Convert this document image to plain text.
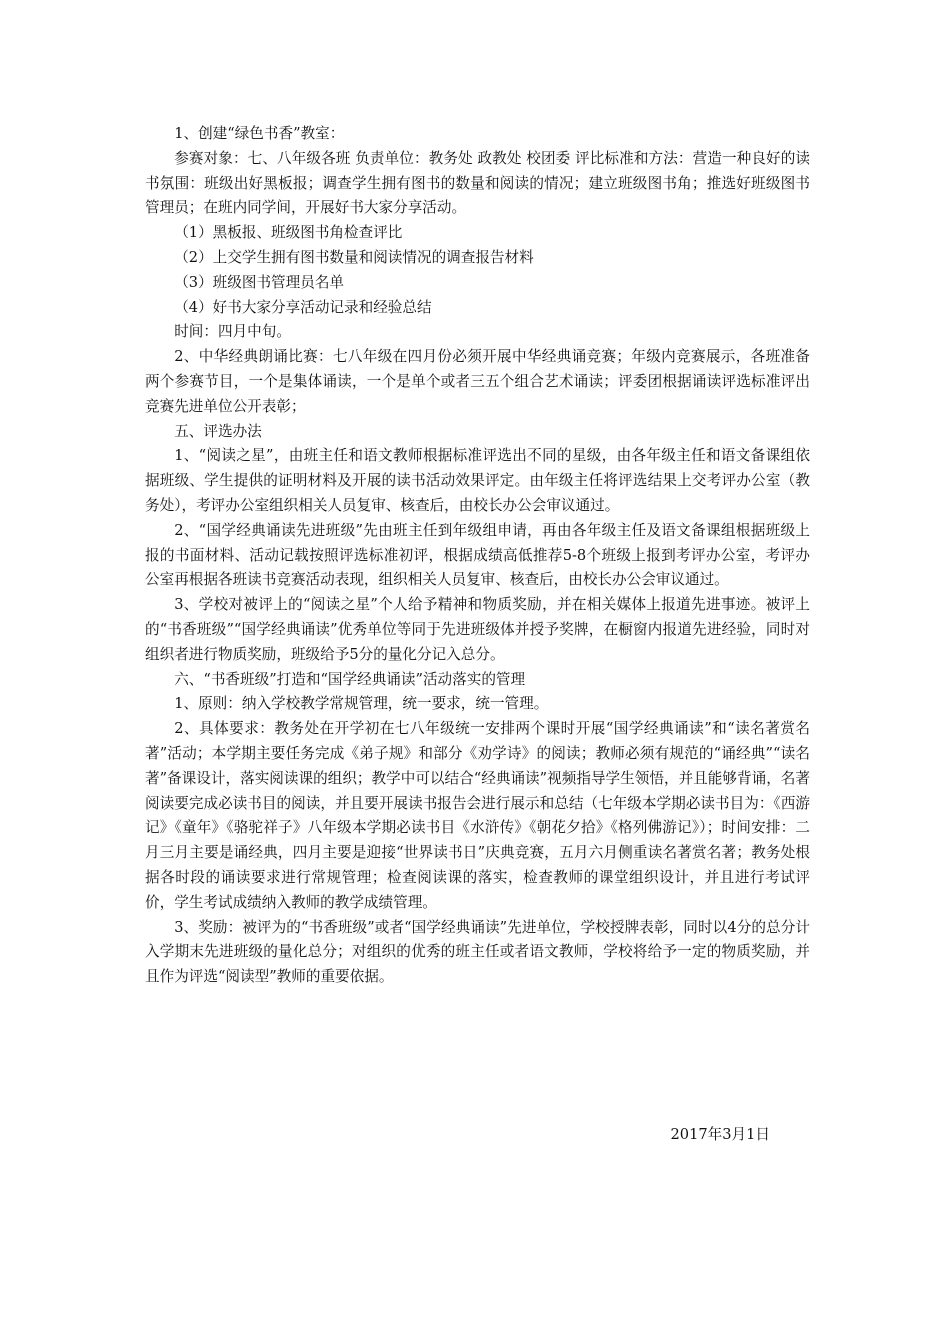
1、创建“绿色书香”教室：

参赛对象：七、八年级各班 负责单位：教务处 政教处 校团委 评比标准和方法：营造一种良好的读书氛围：班级出好黑板报；调查学生拥有图书的数量和阅读的情况；建立班级图书角；推选好班级图书管理员；在班内同学间，开展好书大家分享活动。

（1）黑板报、班级图书角检查评比

（2）上交学生拥有图书数量和阅读情况的调查报告材料

（3）班级图书管理员名单

（4）好书大家分享活动记录和经验总结

时间：四月中旬。

2、中华经典朗诵比赛：七八年级在四月份必须开展中华经典诵竞赛；年级内竞赛展示，各班准备两个参赛节目，一个是集体诵读，一个是单个或者三五个组合艺术诵读；评委团根据诵读评选标准评出竞赛先进单位公开表彰；

五、评选办法

1、“阅读之星”，由班主任和语文教师根据标准评选出不同的星级，由各年级主任和语文备课组依据班级、学生提供的证明材料及开展的读书活动效果评定。由年级主任将评选结果上交考评办公室（教务处），考评办公室组织相关人员复审、核查后，由校长办公会审议通过。

2、“国学经典诵读先进班级”先由班主任到年级组申请，再由各年级主任及语文备课组根据班级上报的书面材料、活动记载按照评选标准初评，根据成绩高低推荐5-8个班级上报到考评办公室，考评办公室再根据各班读书竞赛活动表现，组织相关人员复审、核查后，由校长办公会审议通过。

3、学校对被评上的“阅读之星”个人给予精神和物质奖励，并在相关媒体上报道先进事迹。被评上的“书香班级”“国学经典诵读”优秀单位等同于先进班级体并授予奖牌，在橱窗内报道先进经验，同时对组织者进行物质奖励，班级给予5分的量化分记入总分。

六、“书香班级”打造和“国学经典诵读”活动落实的管理

1、原则：纳入学校教学常规管理，统一要求，统一管理。

2、具体要求：教务处在开学初在七八年级统一安排两个课时开展“国学经典诵读”和“读名著赏名著”活动；本学期主要任务完成《弟子规》和部分《劝学诗》的阅读；教师必须有规范的“诵经典”“读名著”备课设计，落实阅读课的组织；教学中可以结合“经典诵读”视频指导学生领悟，并且能够背诵，名著阅读要完成必读书目的阅读，并且要开展读书报告会进行展示和总结（七年级本学期必读书目为：《西游记》《童年》《骆驼祥子》八年级本学期必读书目《水浒传》《朝花夕拾》《格列佛游记》）；时间安排：二月三月主要是诵经典，四月主要是迎接“世界读书日”庆典竞赛，五月六月侧重读名著赏名著；教务处根据各时段的诵读要求进行常规管理；检查阅读课的落实，检查教师的课堂组织设计，并且进行考试评价，学生考试成绩纳入教师的教学成绩管理。

3、奖励：被评为的“书香班级”或者“国学经典诵读”先进单位，学校授牌表彰，同时以4分的总分计入学期末先进班级的量化总分；对组织的优秀的班主任或者语文教师，学校将给予一定的物质奖励，并且作为评选“阅读型”教师的重要依据。

2017年3月1日
